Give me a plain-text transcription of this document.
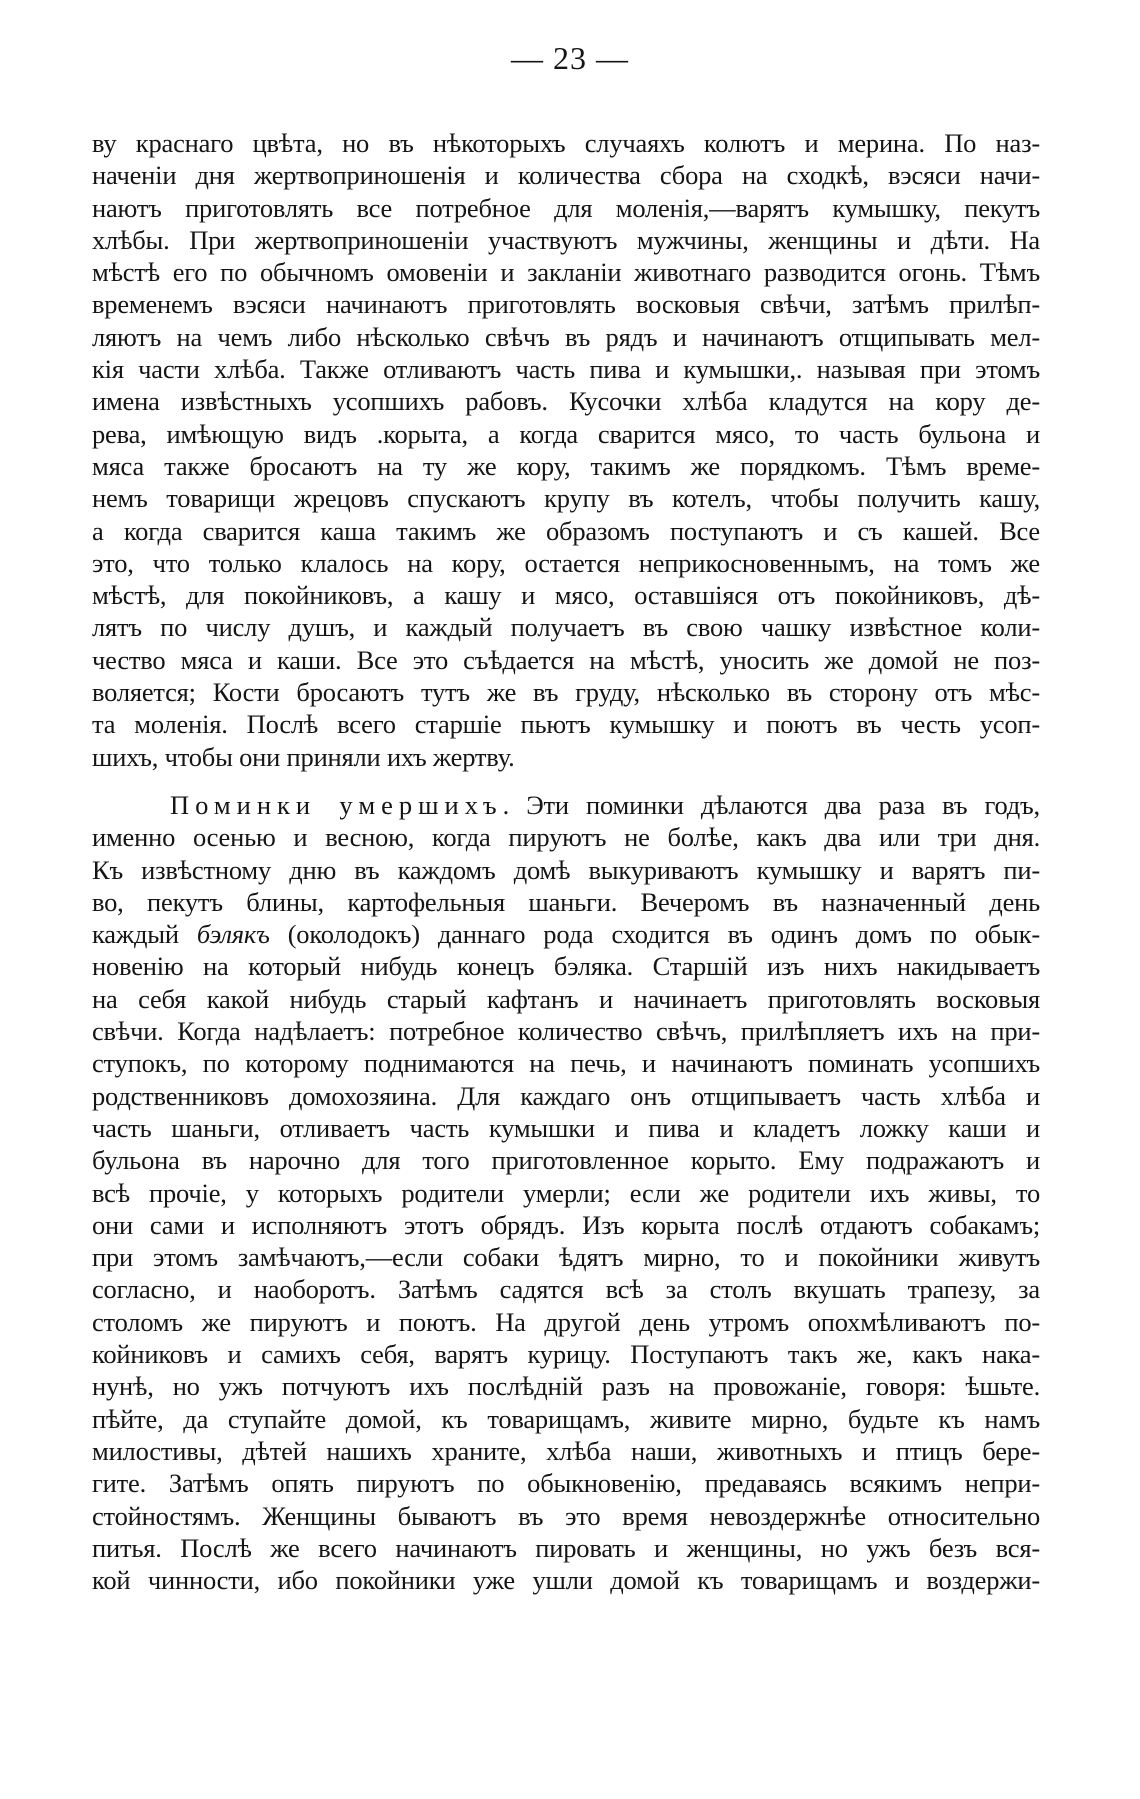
— 23 —
ву краснаго цвѣта, но въ нѣкоторыхъ случаяхъ колютъ и мерина. По наз-
наченіи дня жертвоприношенія и количества сбора на сходкѣ, вэсяси начи-
наютъ приготовлять все потребное для моленія,—варятъ кумышку, пекутъ
хлѣбы. При жертвоприношеніи участвуютъ мужчины, женщины и дѣти. На
мѣстѣ его по обычномъ омовеніи и закланіи животнаго разводится огонь. Тѣмъ
временемъ вэсяси начинаютъ приготовлять восковыя свѣчи, затѣмъ прилѣп-
ляютъ на чемъ либо нѣсколько свѣчъ въ рядъ и начинаютъ отщипывать мел-
кія части хлѣба. Также отливаютъ часть пива и кумышки,. называя при этомъ
имена извѣстныхъ усопшихъ рабовъ. Кусочки хлѣба кладутся на кору де-
рева, имѣющую видъ .корыта, а когда сварится мясо, то часть бульона и
мяса также бросаютъ на ту же кору, такимъ же порядкомъ. Тѣмъ време-
немъ товарищи жрецовъ спускаютъ крупу въ котелъ, чтобы получить кашу,
а когда сварится каша такимъ же образомъ поступаютъ и съ кашей. Все
это, что только клалось на кору, остается неприкосновеннымъ, на томъ же
мѣстѣ, для покойниковъ, а кашу и мясо, оставшіяся отъ покойниковъ, дѣ-
лятъ по числу душъ, и каждый получаетъ въ свою чашку извѣстное коли-
чество мяса и каши. Все это съѣдается на мѣстѣ, уносить же домой не поз-
воляется; Кости бросаютъ тутъ же въ груду, нѣсколько въ сторону отъ мѣс-
та моленія. Послѣ всего старшіе пьютъ кумышку и поютъ въ честь усоп-
шихъ, чтобы они приняли ихъ жертву.
Поминки умершихъ. Эти поминки дѣлаются два раза въ годъ,
именно осенью и весною, когда пируютъ не болѣе, какъ два или три дня.
Къ извѣстному дню въ каждомъ домѣ выкуриваютъ кумышку и варятъ пи-
во, пекутъ блины, картофельныя шаньги. Вечеромъ въ назначенный день
каждый бэлякъ (околодокъ) даннаго рода сходится въ одинъ домъ по обык-
новенію на который нибудь конецъ бэляка. Старшій изъ нихъ накидываетъ
на себя какой нибудь старый кафтанъ и начинаетъ приготовлять восковыя
свѣчи. Когда надѣлаетъ: потребное количество свѣчъ, прилѣпляетъ ихъ на при-
ступокъ, по которому поднимаются на печь, и начинаютъ поминать усопшихъ
родственниковъ домохозяина. Для каждаго онъ отщипываетъ часть хлѣба и
часть шаньги, отливаетъ часть кумышки и пива и кладетъ ложку каши и
бульона въ нарочно для того приготовленное корыто. Ему подражаютъ и
всѣ прочіе, у которыхъ родители умерли; если же родители ихъ живы, то
они сами и исполняютъ этотъ обрядъ. Изъ корыта послѣ отдаютъ собакамъ;
при этомъ замѣчаютъ,—если собаки ѣдятъ мирно, то и покойники живутъ
согласно, и наоборотъ. Затѣмъ садятся всѣ за столъ вкушать трапезу, за
столомъ же пируютъ и поютъ. На другой день утромъ опохмѣливаютъ по-
койниковъ и самихъ себя, варятъ курицу. Поступаютъ такъ же, какъ нака-
нунѣ, но ужъ потчуютъ ихъ послѣдній разъ на провожаніе, говоря: ѣшьте.
пѣйте, да ступайте домой, къ товарищамъ, живите мирно, будьте къ намъ
милостивы, дѣтей нашихъ храните, хлѣба наши, животныхъ и птицъ бере-
гите. Затѣмъ опять пируютъ по обыкновенію, предаваясь всякимъ непри-
стойностямъ. Женщины бываютъ въ это время невоздержнѣе относительно
питья. Послѣ же всего начинаютъ пировать и женщины, но ужъ безъ вся-
кой чинности, ибо покойники уже ушли домой къ товарищамъ и воздержи-
